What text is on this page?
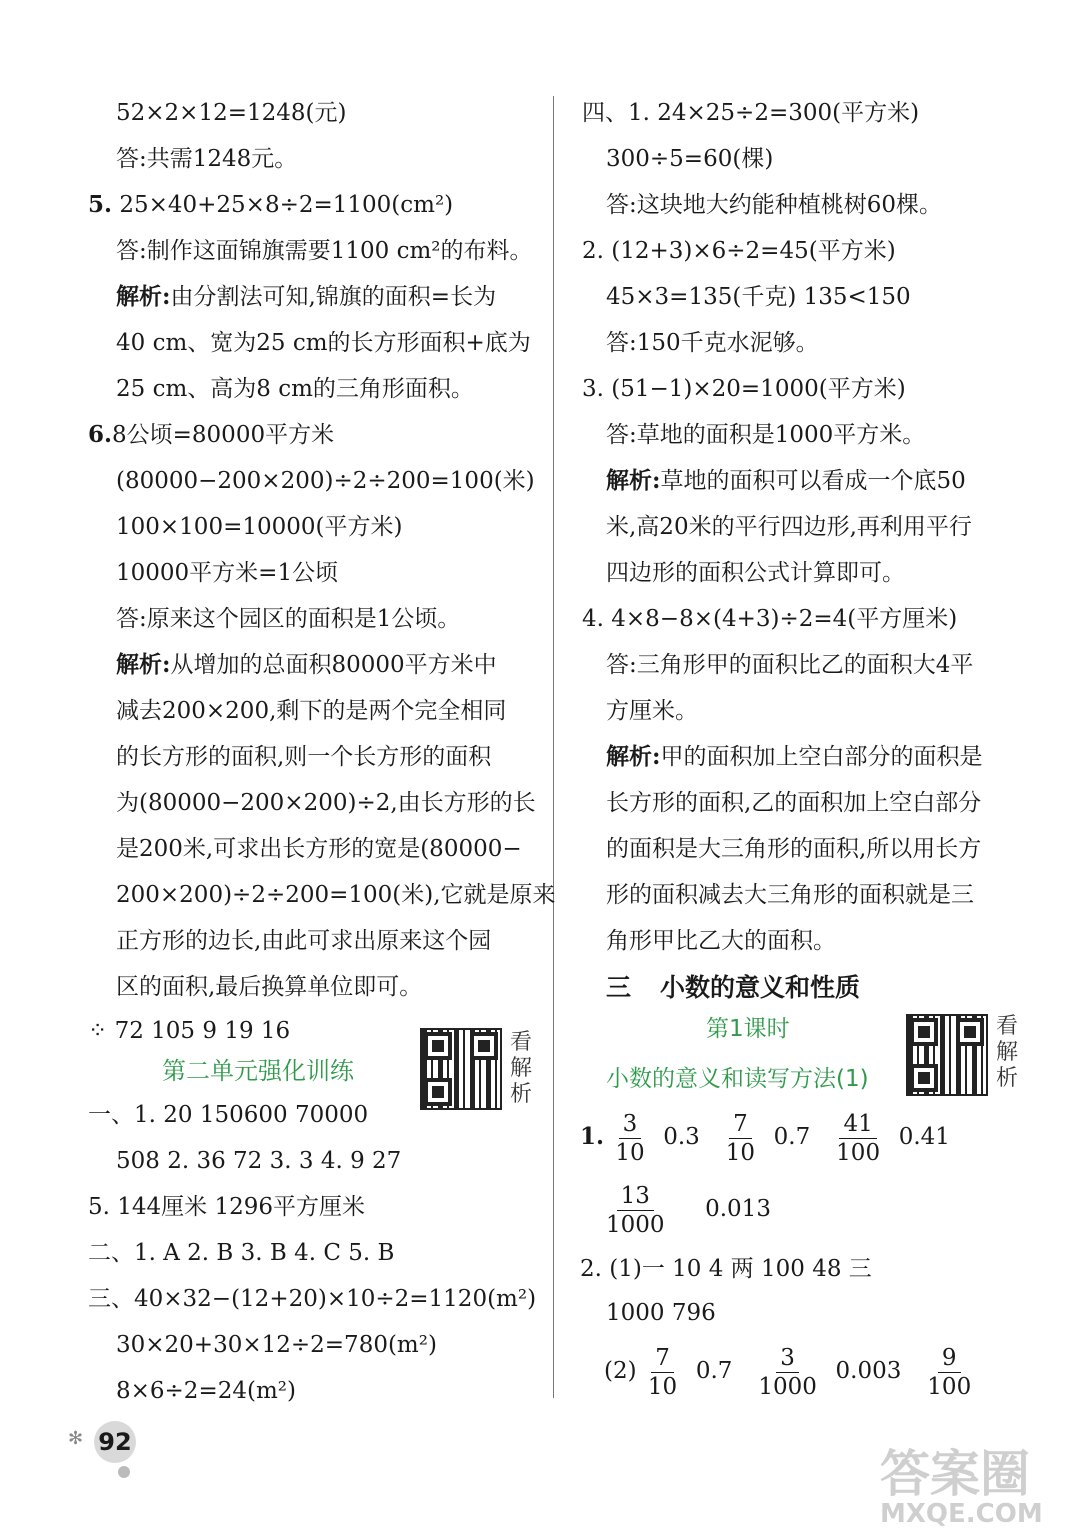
52×2×12=1248(元)
答:共需1248元。
5. 25×40+25×8÷2=1100(cm²)
答:制作这面锦旗需要1100 cm²的布料。
解析:由分割法可知,锦旗的面积=长为
40 cm、宽为25 cm的长方形面积+底为
25 cm、高为8 cm的三角形面积。
6.8公顷=80000平方米
(80000−200×200)÷2÷200=100(米)
100×100=10000(平方米)
10000平方米=1公顷
答:原来这个园区的面积是1公顷。
解析:从增加的总面积80000平方米中
减去200×200,剩下的是两个完全相同
的长方形的面积,则一个长方形的面积
为(80000−200×200)÷2,由长方形的长
是200米,可求出长方形的宽是(80000−
200×200)÷2÷200=100(米),它就是原来
正方形的边长,由此可求出原来这个园
区的面积,最后换算单位即可。
⁘ 72 105 9 19 16
第二单元强化训练
看
解
析
一、1. 20 150600 70000
508 2. 36 72 3. 3 4. 9 27
5. 144厘米 1296平方厘米
二、1. A 2. B 3. B 4. C 5. B
三、40×32−(12+20)×10÷2=1120(m²)
30×20+30×12÷2=780(m²)
8×6÷2=24(m²)
四、1. 24×25÷2=300(平方米)
300÷5=60(棵)
答:这块地大约能种植桃树60棵。
2. (12+3)×6÷2=45(平方米)
45×3=135(千克) 135<150
答:150千克水泥够。
3. (51−1)×20=1000(平方米)
答:草地的面积是1000平方米。
解析:草地的面积可以看成一个底50
米,高20米的平行四边形,再利用平行
四边形的面积公式计算即可。
4. 4×8−8×(4+3)÷2=4(平方厘米)
答:三角形甲的面积比乙的面积大4平
方厘米。
解析:甲的面积加上空白部分的面积是
长方形的面积,乙的面积加上空白部分
的面积是大三角形的面积,所以用长方
形的面积减去大三角形的面积就是三
角形甲比乙大的面积。
三 小数的意义和性质
第1课时
小数的意义和读写方法(1)
看
解
析
1. $\frac{3}{10} 0.3 \frac{7}{10} 0.7 \frac{41}{100} 0.41$
$\frac{13}{1000} 0.013$
2. (1)一 10 4 两 100 48 三
1000 796
$(2) \frac{7}{10} 0.7 \frac{3}{1000} 0.003 \frac{9}{100}$
✻ 92
答案圈
MXQE.COM
